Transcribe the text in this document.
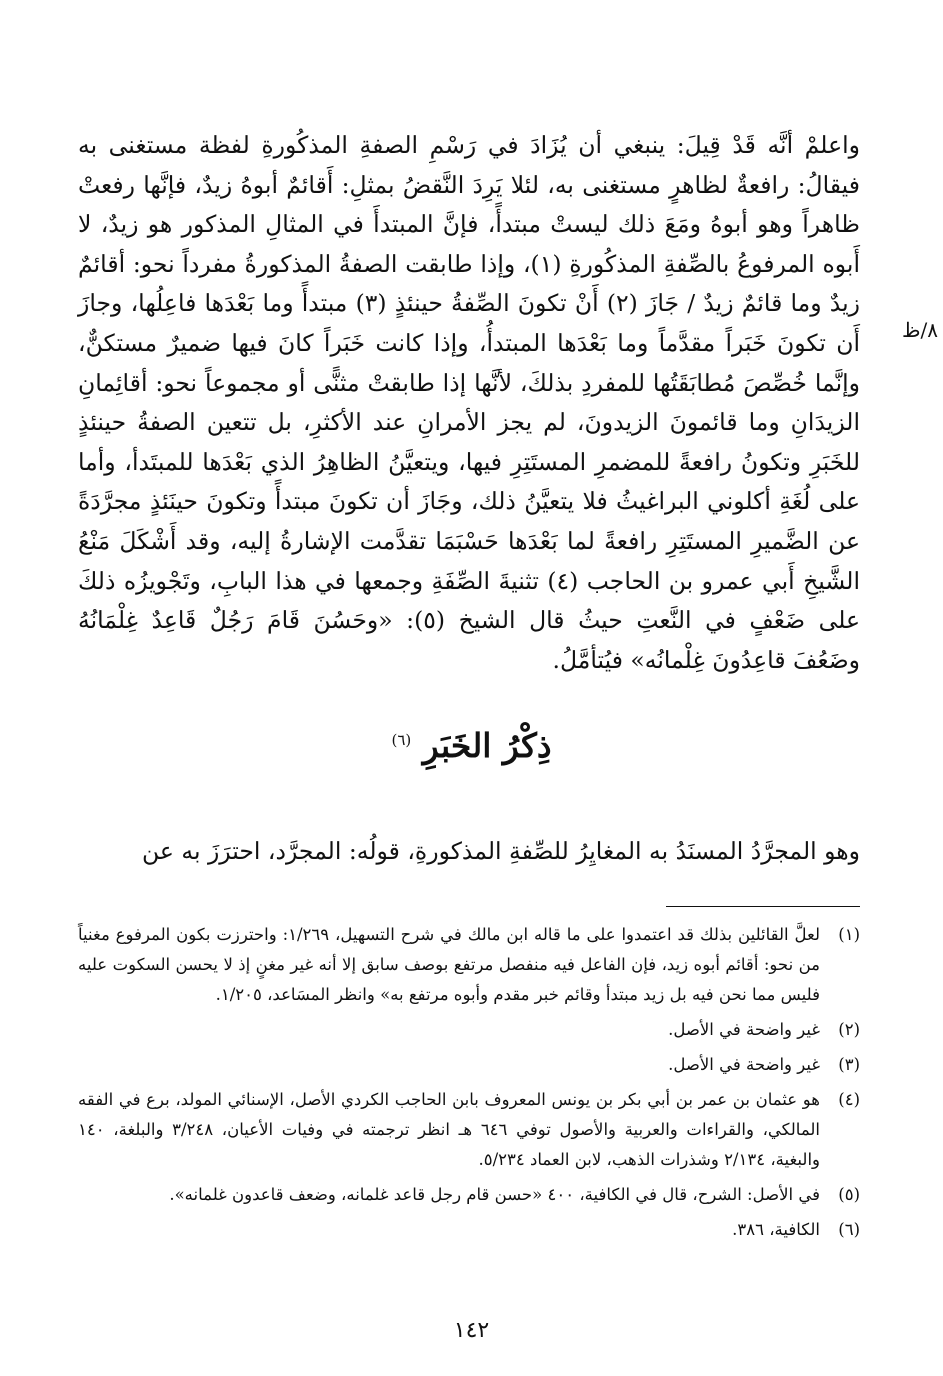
٨/ظ

واعلمْ أنَّه قَدْ قِيلَ: ينبغي أن يُزَادَ في رَسْمِ الصفةِ المذكُورةِ لفظة مستغنى به فيقالُ: رافعةٌ لظاهرٍ مستغنى به، لئلا يَرِدَ النَّقضُ بمثلِ: أَقائمٌ أبوهُ زيدٌ، فإنَّها رفعتْ ظاهراً وهو أبوهُ ومَعَ ذلك ليستْ مبتدأً، فإنَّ المبتدأَ في المثالِ المذكور هو زيدٌ، لا أَبوه المرفوعُ بالصِّفةِ المذكُورةِ (١)، وإذا طابقت الصفةُ المذكورةُ مفرداً نحو: أقائمٌ زيدٌ وما قائمٌ زيدٌ / جَازَ (٢) أَنْ تكونَ الصِّفةُ حينئذٍ (٣) مبتدأً وما بَعْدَها فاعِلُها، وجازَ أَن تكونَ خَبَراً مقدَّماً وما بَعْدَها المبتدأُ، وإذا كانت خَبَراً كانَ فيها ضميرٌ مستكنٌّ، وإنَّما خُصِّصَ مُطابَقَتُها للمفردِ بذلكَ، لأنَّها إذا طابقتْ مثنًّى أو مجموعاً نحو: أقائِمانِ الزيدَانِ وما قائمونَ الزيدونَ، لم يجز الأمرانِ عند الأكثرِ، بل تتعين الصفةُ حينئذٍ للخَبَرِ وتكونُ رافعةً للمضمرِ المستَتِرِ فيها، ويتعيَّنُ الظاهِرُ الذي بَعْدَها للمبتَدأ، وأما على لُغَةِ أكلوني البراغيثُ فلا يتعيَّنُ ذلك، وجَازَ أن تكونَ مبتدأً وتكونَ حينَئذٍ مجرَّدَةً عن الضَّميرِ المستَتِرِ رافعةً لما بَعْدَها حَسْبَمَا تقدَّمت الإشارةُ إليه، وقد أَشْكَلَ مَنْعُ الشَّيخِ أَبي عمرو بن الحاجب (٤) تثنيةَ الصِّفَةِ وجمعها في هذا البابِ، وتَجْويزُه ذلكَ على ضَعْفٍ في النَّعتِ حيثُ قال الشيخ (٥): «وحَسُنَ قَامَ رَجُلٌ قَاعِدٌ غِلْمَانُهُ وضَعُفَ قاعِدُونَ غِلْمانُه» فيُتأمَّلُ.

ذِكْرُ الخَبَرِ $^{(٦)}$

وهو المجرَّدُ المسنَدُ به المغايِرُ للصِّفةِ المذكورةِ، قولُه: المجرَّد، احترَزَ به عن

(١)
لعلَّ القائلين بذلك قد اعتمدوا على ما قاله ابن مالك في شرح التسهيل، ١/٢٦٩: واحترزت بكون المرفوع مغنياً من نحو: أقائم أبوه زيد، فإن الفاعل فيه منفصل مرتفع بوصف سابق إلا أنه غير مغنٍ إذ لا يحسن السكوت عليه فليس مما نحن فيه بل زيد مبتدأ وقائم خبر مقدم وأبوه مرتفع به» وانظر المسَاعد، ١/٢٠٥.
(٢)
غير واضحة في الأصل.
(٣)
غير واضحة في الأصل.
(٤)
هو عثمان بن عمر بن أبي بكر بن يونس المعروف بابن الحاجب الكردي الأصل، الإسنائي المولد، برع في الفقه المالكي، والقراءات والعربية والأصول توفي ٦٤٦ هـ انظر ترجمته في وفيات الأعيان، ٣/٢٤٨ والبلغة، ١٤٠ والبغية، ٢/١٣٤ وشذرات الذهب، لابن العماد ٥/٢٣٤.
(٥)
في الأصل: الشرح، قال في الكافية، ٤٠٠ «حسن قام رجل قاعد غلمانه، وضعف قاعدون غلمانه».
(٦)
الكافية، ٣٨٦.
١٤٢
